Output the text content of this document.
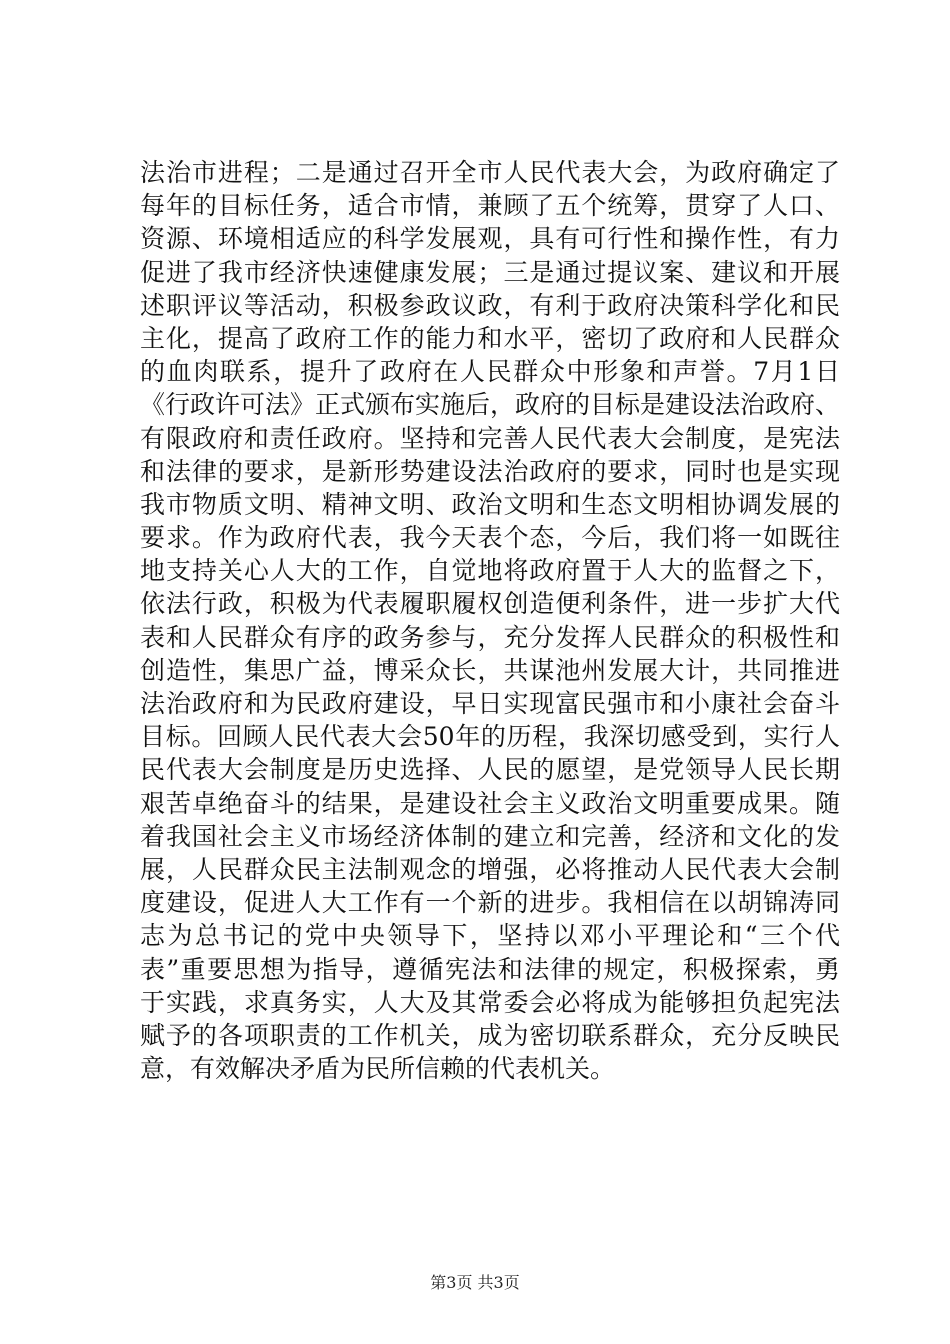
法治市进程；二是通过召开全市人民代表大会，为政府确定了
每年的目标任务，适合市情，兼顾了五个统筹，贯穿了人口、
资源、环境相适应的科学发展观，具有可行性和操作性，有力
促进了我市经济快速健康发展；三是通过提议案、建议和开展
述职评议等活动，积极参政议政，有利于政府决策科学化和民
主化，提高了政府工作的能力和水平，密切了政府和人民群众
的血肉联系，提升了政府在人民群众中形象和声誉。7月1日
《行政许可法》正式颁布实施后，政府的目标是建设法治政府、
有限政府和责任政府。坚持和完善人民代表大会制度，是宪法
和法律的要求，是新形势建设法治政府的要求，同时也是实现
我市物质文明、精神文明、政治文明和生态文明相协调发展的
要求。作为政府代表，我今天表个态，今后，我们将一如既往
地支持关心人大的工作，自觉地将政府置于人大的监督之下，
依法行政，积极为代表履职履权创造便利条件，进一步扩大代
表和人民群众有序的政务参与，充分发挥人民群众的积极性和
创造性，集思广益，博采众长，共谋池州发展大计，共同推进
法治政府和为民政府建设，早日实现富民强市和小康社会奋斗
目标。回顾人民代表大会50年的历程，我深切感受到，实行人
民代表大会制度是历史选择、人民的愿望，是党领导人民长期
艰苦卓绝奋斗的结果，是建设社会主义政治文明重要成果。随
着我国社会主义市场经济体制的建立和完善，经济和文化的发
展，人民群众民主法制观念的增强，必将推动人民代表大会制
度建设，促进人大工作有一个新的进步。我相信在以胡锦涛同
志为总书记的党中央领导下，坚持以邓小平理论和“三个代
表”重要思想为指导，遵循宪法和法律的规定，积极探索，勇
于实践，求真务实，人大及其常委会必将成为能够担负起宪法
赋予的各项职责的工作机关，成为密切联系群众，充分反映民
意，有效解决矛盾为民所信赖的代表机关。
第3页 共3页
